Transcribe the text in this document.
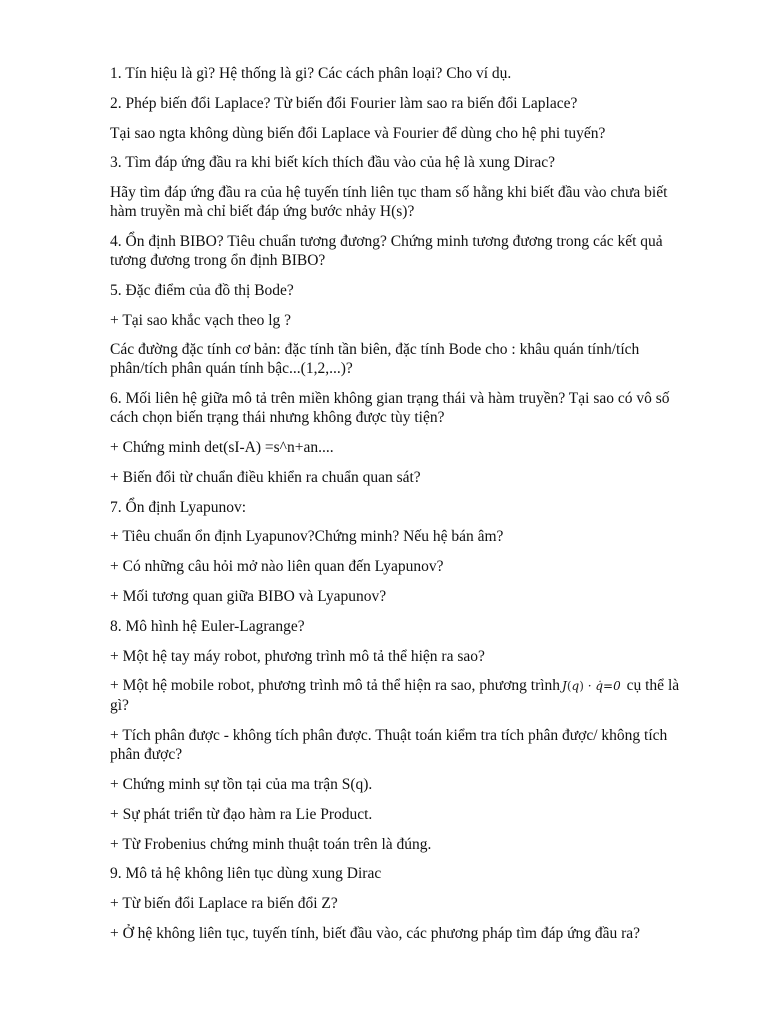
1. Tín hiệu là gì? Hệ thống là gi? Các cách phân loại? Cho ví dụ.

2. Phép biến đổi Laplace? Từ biến đổi Fourier làm sao ra biến đổi Laplace?

Tại sao ngta không dùng biến đổi Laplace và Fourier để dùng cho hệ phi tuyến?

3. Tìm đáp ứng đầu ra khi biết kích thích đầu vào của hệ là xung Dirac?

Hãy tìm đáp ứng đầu ra của hệ tuyến tính liên tục tham số hằng khi biết đầu vào chưa biết hàm truyền mà chỉ biết đáp ứng bước nhảy H(s)?

4. Ổn định BIBO? Tiêu chuẩn tương đương? Chứng minh tương đương trong các kết quả tương đương trong ổn định BIBO?

5. Đặc điểm của đồ thị Bode?

+ Tại sao khắc vạch theo lg ?

Các đường đặc tính cơ bản: đặc tính tần biên, đặc tính Bode cho : khâu quán tính/tích phân/tích phân quán tính bậc...(1,2,...)?

6. Mối liên hệ giữa mô tả trên miền không gian trạng thái và hàm truyền? Tại sao có vô số cách chọn biến trạng thái nhưng không được tùy tiện?

+ Chứng minh det(sI-A) =s^n+an....

+ Biến đổi từ chuẩn điều khiển ra chuẩn quan sát?

7. Ổn định Lyapunov:

+ Tiêu chuẩn ổn định Lyapunov?Chứng minh? Nếu hệ bán âm?

+ Có những câu hỏi mở nào liên quan đến Lyapunov?

+ Mối tương quan giữa BIBO và Lyapunov?

8. Mô hình hệ Euler-Lagrange?

+ Một hệ tay máy robot, phương trình mô tả thể hiện ra sao?

+ Một hệ mobile robot, phương trình mô tả thể hiện ra sao, phương trình J(q) · q̇=0 cụ thể là gì?

+ Tích phân được - không tích phân được. Thuật toán kiểm tra tích phân được/ không tích phân được?

+ Chứng minh sự tồn tại của ma trận S(q).

+ Sự phát triển từ đạo hàm ra Lie Product.

+ Từ Frobenius chứng minh thuật toán trên là đúng.

9. Mô tả hệ không liên tục dùng xung Dirac

+ Từ biến đổi Laplace ra biến đổi Z?

+ Ở hệ không liên tục, tuyến tính, biết đầu vào, các phương pháp tìm đáp ứng đầu ra?
